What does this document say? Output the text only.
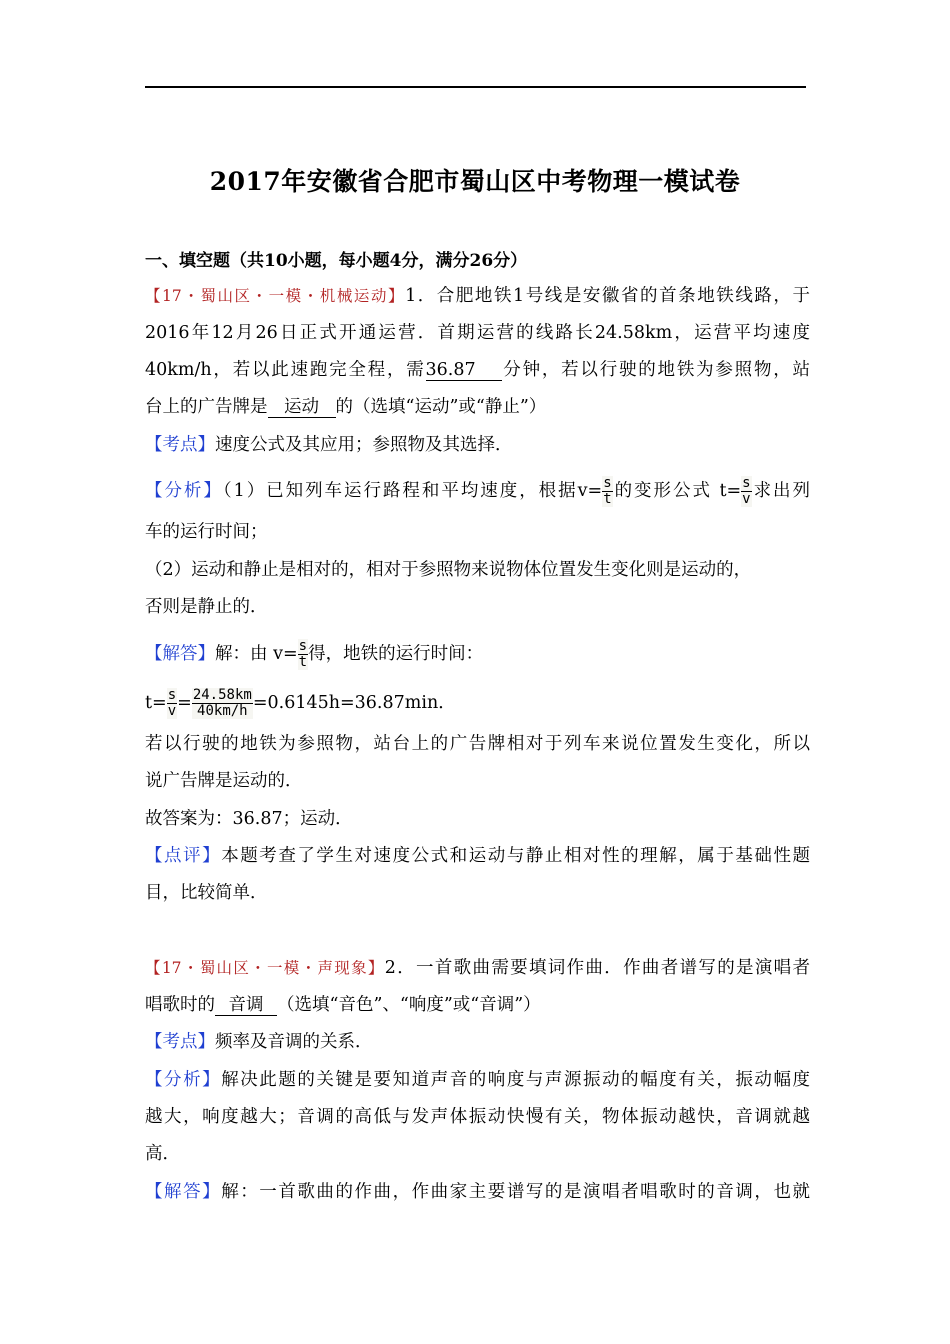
2017年安徽省合肥市蜀山区中考物理一模试卷
一、填空题（共10小题，每小题4分，满分26分）
【17・蜀山区・一模・机械运动】1．合肥地铁1号线是安徽省的首条地铁线路，于
2016年12月26日正式开通运营．首期运营的线路长24.58km，运营平均速度
40km/h，若以此速跑完全程，需36.87 分钟，若以行驶的地铁为参照物，站
台上的广告牌是 运动 的（选填“运动”或“静止”）
【考点】速度公式及其应用；参照物及其选择．
【分析】（1）已知列车运行路程和平均速度，根据$v= \frac{s}{t}$ 的变形公式 $t= \frac{s}{v}$ 求出列
车的运行时间；
（2）运动和静止是相对的，相对于参照物来说物体位置发生变化则是运动的，
否则是静止的．
【解答】解：由 $v= \frac{s}{t}$ 得，地铁的运行时间：
$t= \frac{s}{v} = \frac{24.58km}{40km/h} =0.6145h=36.87\min$．
若以行驶的地铁为参照物，站台上的广告牌相对于列车来说位置发生变化，所以
说广告牌是运动的．
故答案为：36.87；运动．
【点评】本题考查了学生对速度公式和运动与静止相对性的理解，属于基础性题
目，比较简单．
【17・蜀山区・一模・声现象】2．一首歌曲需要填词作曲．作曲者谱写的是演唱者
唱歌时的 音调 （选填“音色”、“响度”或“音调”）
【考点】频率及音调的关系．
【分析】解决此题的关键是要知道声音的响度与声源振动的幅度有关，振动幅度
越大，响度越大；音调的高低与发声体振动快慢有关，物体振动越快，音调就越
高．
【解答】解：一首歌曲的作曲，作曲家主要谱写的是演唱者唱歌时的音调，也就
